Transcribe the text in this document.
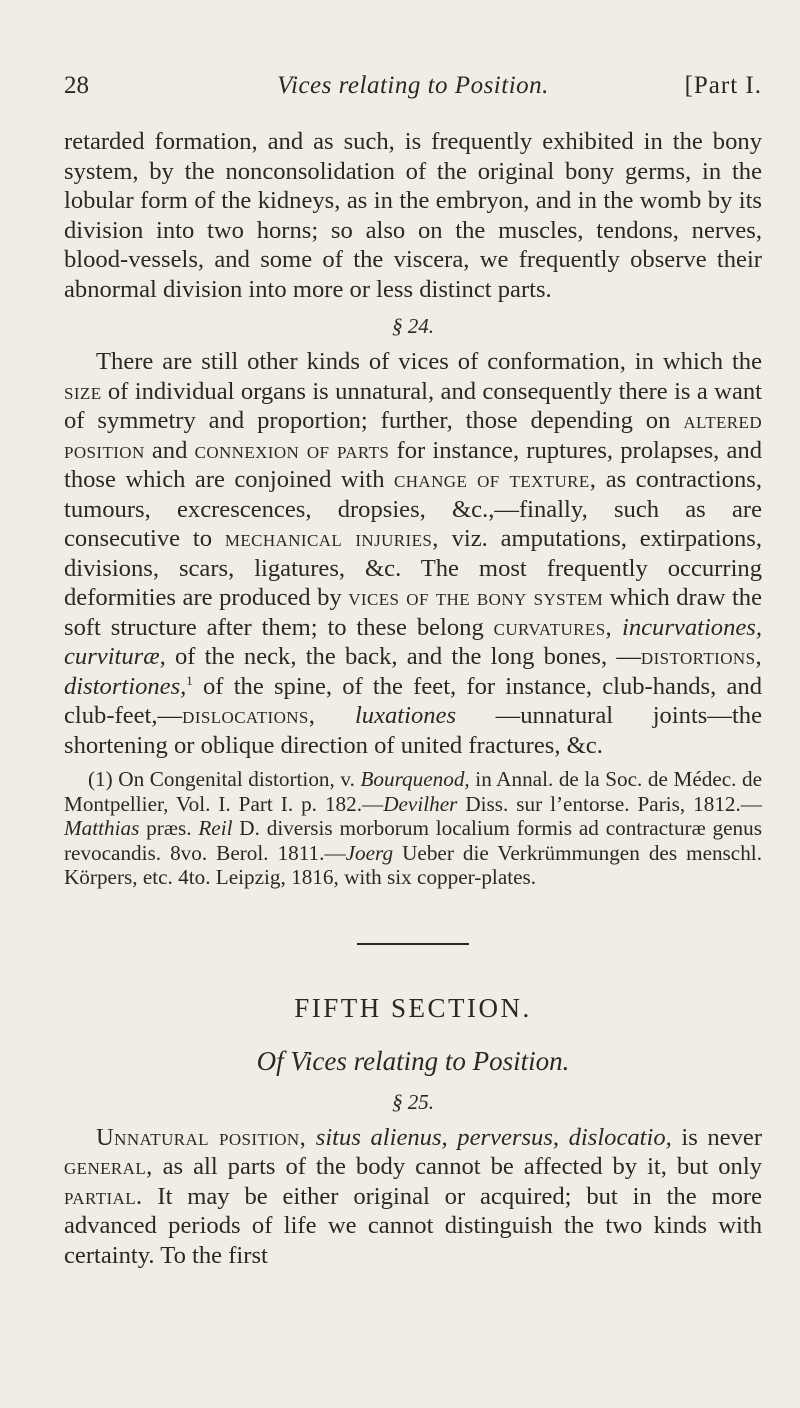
28	Vices relating to Position.	[Part I.

retarded formation, and as such, is frequently exhibited in the bony system, by the nonconsolidation of the original bony germs, in the lobular form of the kidneys, as in the embryon, and in the womb by its division into two horns; so also on the muscles, tendons, nerves, blood-vessels, and some of the viscera, we frequently observe their abnormal division into more or less distinct parts.

§ 24.

There are still other kinds of vices of conformation, in which the size of individual organs is unnatural, and consequently there is a want of symmetry and proportion; further, those depending on altered position and connexion of parts for instance, ruptures, prolapses, and those which are conjoined with change of texture, as contractions, tumours, excrescences, dropsies, &c.,—finally, such as are consecutive to mechanical injuries, viz. amputations, extirpations, divisions, scars, ligatures, &c. The most frequently occurring deformities are produced by vices of the bony system which draw the soft structure after them; to these belong curvatures, incurvationes, curvituræ, of the neck, the back, and the long bones, —distortions, distortiones,$^1$ of the spine, of the feet, for instance, club-hands, and club-feet,—dislocations, luxationes —unnatural joints—the shortening or oblique direction of united fractures, &c.

(1) On Congenital distortion, v. Bourquenod, in Annal. de la Soc. de Médec. de Montpellier, Vol. I. Part I. p. 182.—Devilher Diss. sur l’entorse. Paris, 1812.— Matthias præs. Reil D. diversis morborum localium formis ad contracturæ genus revocandis. 8vo. Berol. 1811.—Joerg Ueber die Verkrümmungen des menschl. Körpers, etc. 4to. Leipzig, 1816, with six copper-plates.

FIFTH SECTION.
Of Vices relating to Position.
§ 25.

Unnatural position, situs alienus, perversus, dislocatio, is never general, as all parts of the body cannot be affected by it, but only partial. It may be either original or acquired; but in the more advanced periods of life we cannot distinguish the two kinds with certainty. To the first
